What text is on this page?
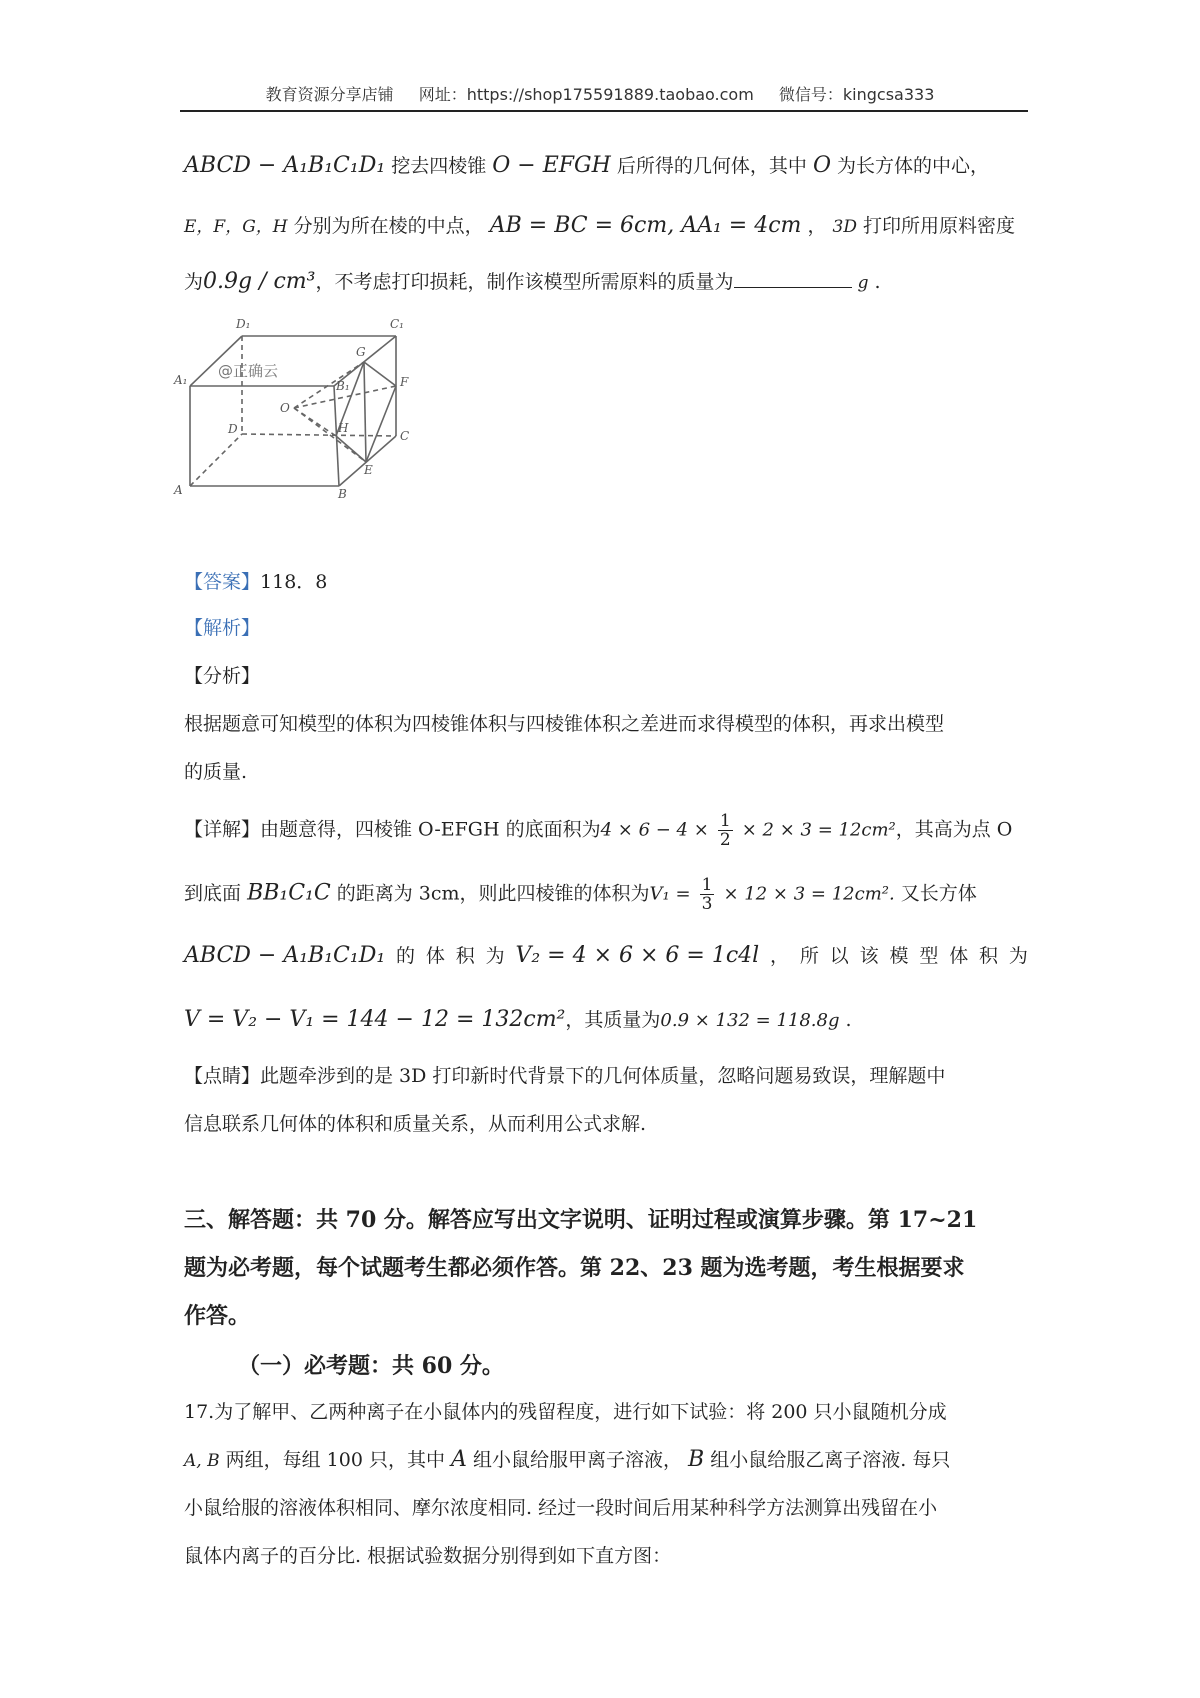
教育资源分享店铺 网址：https://shop175591889.taobao.com 微信号：kingcsa333
ABCD − A₁B₁C₁D₁ 挖去四棱锥 O − EFGH 后所得的几何体，其中 O 为长方体的中心，
E，F，G，H 分别为所在棱的中点， AB = BC = 6cm, AA₁ = 4cm ， 3D 打印所用原料密度
为0.9g / cm³，不考虑打印损耗，制作该模型所需原料的质量为	g .
D₁	C₁
A₁	B₁
G
F
O
H
D	C
A	B
E
@正确云
【答案】118．8
【解析】
【分析】
根据题意可知模型的体积为四棱锥体积与四棱锥体积之差进而求得模型的体积，再求出模型
的质量.
【详解】由题意得，四棱锥 O-EFGH 的底面积为$4 \times 6 - 4 \times \frac{1}{2} \times 2 \times 3 = 12cm^2$，其高为点 O
到底面 BB₁C₁C 的距离为 3cm，则此四棱锥的体积为$V_1 = \frac{1}{3} \times 12 \times 3 = 12cm^2$. 又长方体
ABCD − A₁B₁C₁D₁ 的 体 积 为 V₂ = 4 × 6 × 6 = 1c4l ， 所 以 该 模 型 体 积 为
V = V₂ − V₁ = 144 − 12 = 132cm²，其质量为0.9 × 132 = 118.8g .
【点睛】此题牵涉到的是 3D 打印新时代背景下的几何体质量，忽略问题易致误，理解题中
信息联系几何体的体积和质量关系，从而利用公式求解.
三、解答题：共 70 分。解答应写出文字说明、证明过程或演算步骤。第 17~21
题为必考题，每个试题考生都必须作答。第 22、23 题为选考题，考生根据要求
作答。
（一）必考题：共 60 分。
17.为了解甲、乙两种离子在小鼠体内的残留程度，进行如下试验：将 200 只小鼠随机分成
A, B 两组，每组 100 只，其中 A 组小鼠给服甲离子溶液， B 组小鼠给服乙离子溶液. 每只
小鼠给服的溶液体积相同、摩尔浓度相同. 经过一段时间后用某种科学方法测算出残留在小
鼠体内离子的百分比. 根据试验数据分别得到如下直方图：
